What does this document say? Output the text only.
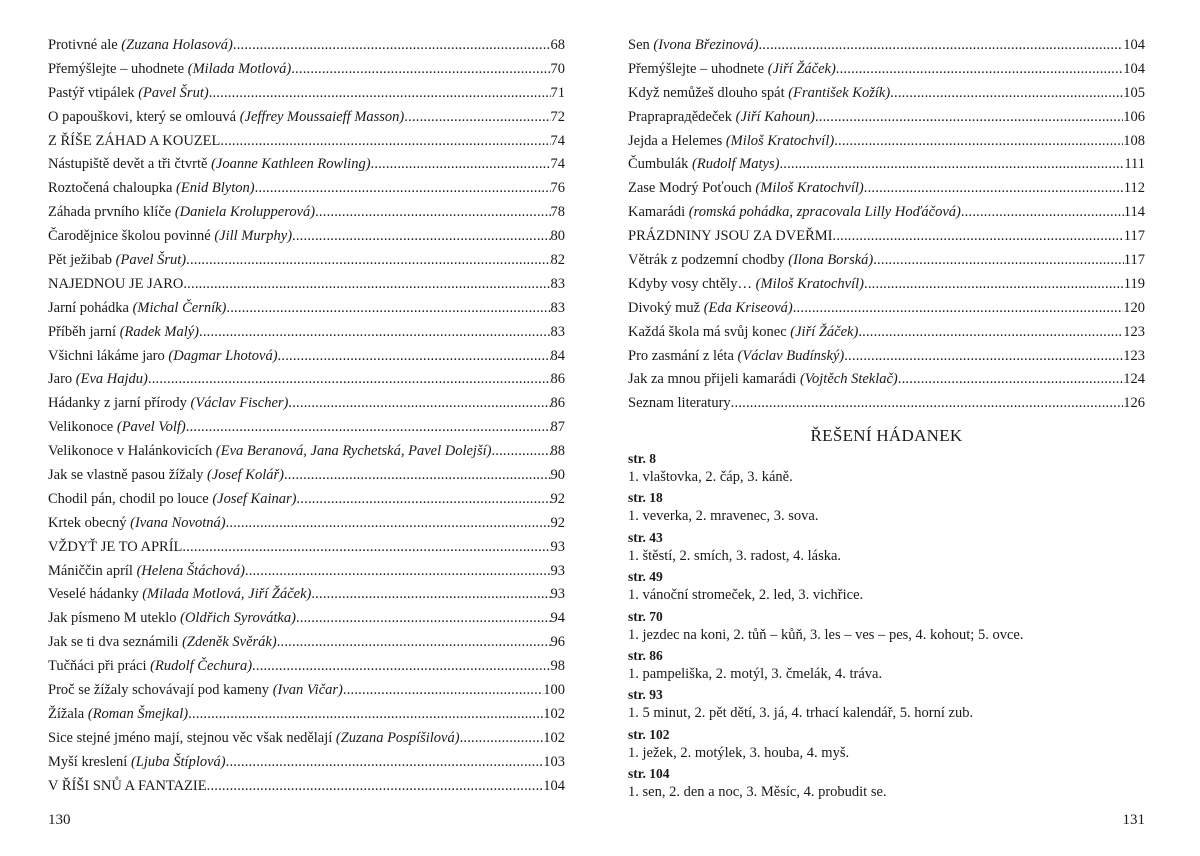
Protivné ale (Zuzana Holasová) .....	68
Přemýšlejte – uhodnete (Milada Motlová) .....	70
Pastýř vtipálek (Pavel Šrut) .....	71
O papouškovi, který se omlouvá (Jeffrey Moussaieff Masson) .....	72
Z ŘÍŠE ZÁHAD A KOUZEL .....	74
Nástupiště devět a tři čtvrtě (Joanne Kathleen Rowling) .....	74
Roztočená chaloupka (Enid Blyton) .....	76
Záhada prvního klíče (Daniela Krolupperová) .....	78
Čarodějnice školou povinné (Jill Murphy) .....	80
Pět ježibab (Pavel Šrut) .....	82
NAJEDNOU JE JARO .....	83
Jarní pohádka (Michal Černík) .....	83
Příběh jarní (Radek Malý) .....	83
Všichni lákáme jaro (Dagmar Lhotová) .....	84
Jaro (Eva Hajdu) .....	86
Hádanky z jarní přírody (Václav Fischer) .....	86
Velikonoce (Pavel Volf) .....	87
Velikonoce v Halánkovicích (Eva Beranová, Jana Rychetská, Pavel Dolejší) .....	88
Jak se vlastně pasou žížaly (Josef Kolář) .....	90
Chodil pán, chodil po louce (Josef Kainar) .....	92
Krtek obecný (Ivana Novotná) .....	92
VŽDYŤ JE TO APRÍL .....	93
Mániččin apríl (Helena Štáchová) .....	93
Veselé hádanky (Milada Motlová, Jiří Žáček) .....	93
Jak písmeno M uteklo (Oldřich Syrovátka) .....	94
Jak se ti dva seznámili (Zdeněk Svěrák) .....	96
Tučňáci při práci (Rudolf Čechura) .....	98
Proč se žížaly schovávají pod kameny (Ivan Vičar) .....	100
Žížala (Roman Šmejkal) .....	102
Sice stejné jméno mají, stejnou věc však nedělají (Zuzana Pospíšilová) .....	102
Myší kreslení (Ljuba Štíplová) .....	103
V ŘÍŠI SNŮ A FANTAZIE .....	104
130
Sen (Ivona Březinová) .....	104
Přemýšlejte – uhodnete (Jiří Žáček) .....	104
Když nemůžeš dlouho spát (František Kožík) .....	105
Prapraprадědeček (Jiří Kahoun) .....	106
Jejda a Helemes (Miloš Kratochvíl) .....	108
Čumbulák (Rudolf Matys) .....	111
Zase Modrý Poťouch (Miloš Kratochvíl) .....	112
Kamarádi (romská pohádka, zpracovala Lilly Hoďáčová) .....	114
PRÁZDNINY JSOU ZA DVEŘMI .....	117
Větrák z podzemní chodby (Ilona Borská) .....	117
Kdyby vosy chtěly… (Miloš Kratochvíl) .....	119
Divoký muž (Eda Kriseová) .....	120
Každá škola má svůj konec (Jiří Žáček) .....	123
Pro zasmání z léta (Václav Budínský) .....	123
Jak za mnou přijeli kamarádi (Vojtěch Steklač) .....	124
Seznam literatury .....	126
ŘEŠENÍ HÁDANEK
str. 8
1. vlaštovka, 2. čáp, 3. káně.
str. 18
1. veverka, 2. mravenec, 3. sova.
str. 43
1. štěstí, 2. smích, 3. radost, 4. láska.
str. 49
1. vánoční stromeček, 2. led, 3. vichřice.
str. 70
1. jezdec na koni, 2. tůň – kůň, 3. les – ves – pes, 4. kohout; 5. ovce.
str. 86
1. pampeliška, 2. motýl, 3. čmelák, 4. tráva.
str. 93
1. 5 minut, 2. pět dětí, 3. já, 4. trhací kalendář, 5. horní zub.
str. 102
1. ježek, 2. motýlek, 3. houba, 4. myš.
str. 104
1. sen, 2. den a noc, 3. Měsíc, 4. probudit se.
131
